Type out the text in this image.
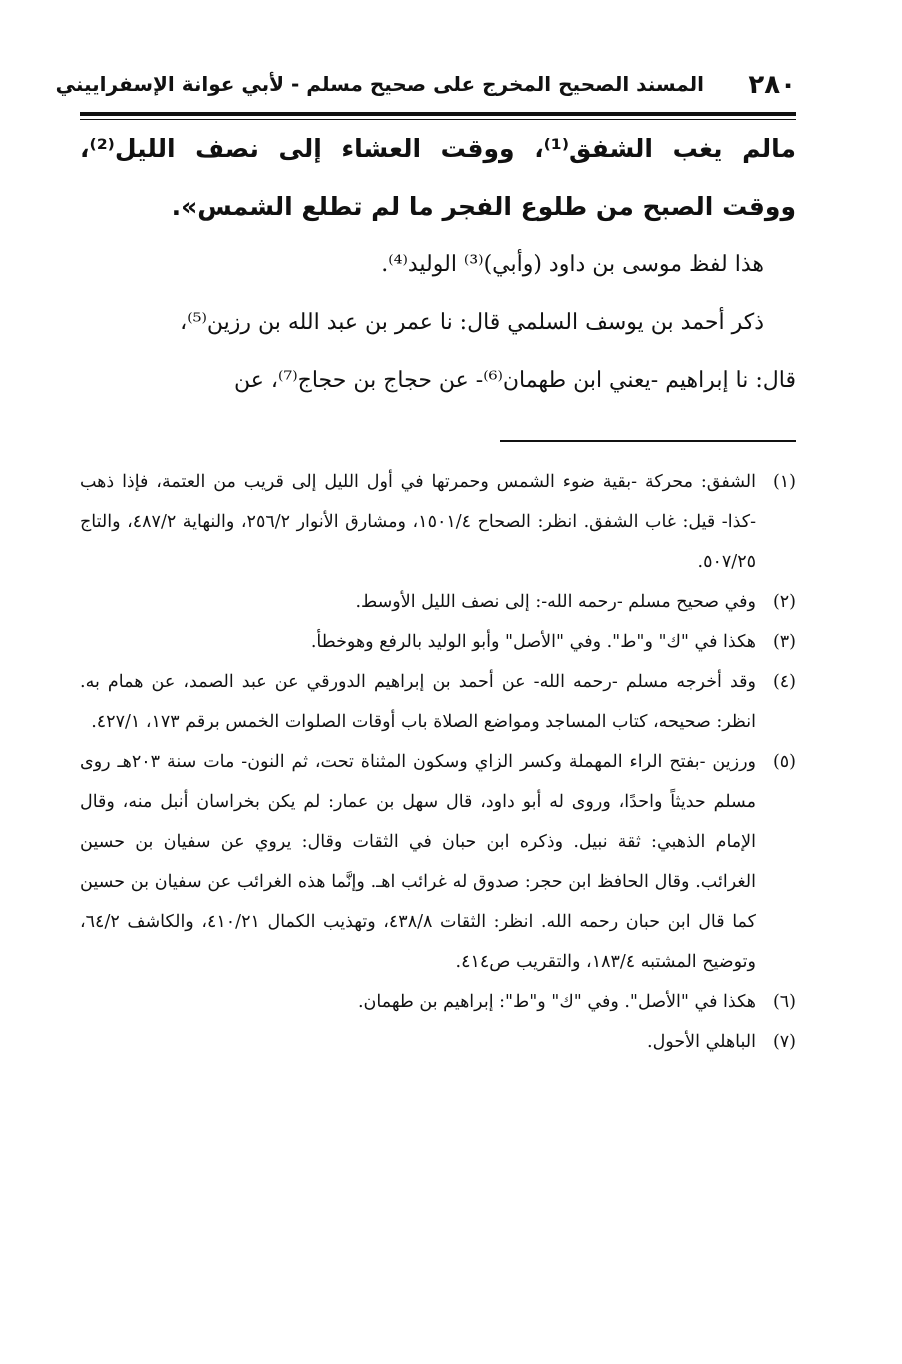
٢٨٠
المسند الصحيح المخرج على صحيح مسلم - لأبي عوانة الإسفراييني

مالم يغب الشفق⁽¹⁾، ووقت العشاء إلى نصف الليل⁽²⁾، ووقت الصبح من طلوع الفجر ما لم تطلع الشمس».

هذا لفظ موسى بن داود (وأبي)⁽³⁾ الوليد⁽⁴⁾.

ذكر أحمد بن يوسف السلمي قال: نا عمر بن عبد الله بن رزين⁽⁵⁾،

قال: نا إبراهيم -يعني ابن طهمان⁽⁶⁾- عن حجاج بن حجاج⁽⁷⁾، عن

(١)
الشفق: محركة -بقية ضوء الشمس وحمرتها في أول الليل إلى قريب من العتمة، فإذا ذهب -كذا- قيل: غاب الشفق. انظر: الصحاح ١٥٠١/٤، ومشارق الأنوار ٢٥٦/٢، والنهاية ٤٨٧/٢، والتاج ٥٠٧/٢٥.

(٢)
وفي صحيح مسلم -رحمه الله-: إلى نصف الليل الأوسط.

(٣)
هكذا في "ك" و"ط". وفي "الأصل" وأبو الوليد بالرفع وهوخطأ.

(٤)
وقد أخرجه مسلم -رحمه الله- عن أحمد بن إبراهيم الدورقي عن عبد الصمد، عن همام به. انظر: صحيحه، كتاب المساجد ومواضع الصلاة باب أوقات الصلوات الخمس برقم ١٧٣، ٤٢٧/١.

(٥)
ورزين -بفتح الراء المهملة وكسر الزاي وسكون المثناة تحت، ثم النون- مات سنة ٢٠٣هـ روى مسلم حديثاً واحدًا، وروى له أبو داود، قال سهل بن عمار: لم يكن بخراسان أنبل منه، وقال الإمام الذهبي: ثقة نبيل. وذكره ابن حبان في الثقات وقال: يروي عن سفيان بن حسين الغرائب. وقال الحافظ ابن حجر: صدوق له غرائب اهـ. وإنَّما هذه الغرائب عن سفيان بن حسين كما قال ابن حبان رحمه الله. انظر: الثقات ٤٣٨/٨، وتهذيب الكمال ٤١٠/٢١، والكاشف ٦٤/٢، وتوضيح المشتبه ١٨٣/٤، والتقريب ص٤١٤.

(٦)
هكذا في "الأصل". وفي "ك" و"ط": إبراهيم بن طهمان.

(٧)
الباهلي الأحول.
